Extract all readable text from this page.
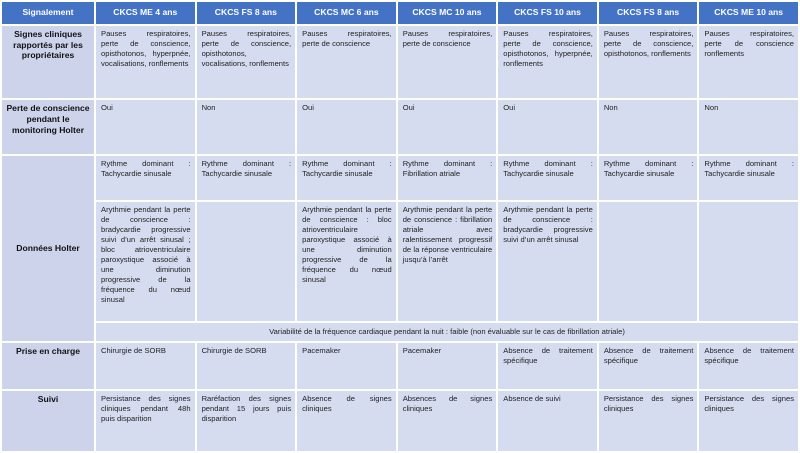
Signalement	CKCS ME 4 ans	CKCS FS 8 ans	CKCS MC 6 ans	CKCS MC 10 ans	CKCS FS 10 ans	CKCS FS 8 ans	CKCS ME 10 ans
Signes cliniques rapportés par les propriétaires	Pauses respiratoires, perte de conscience, opisthotonos, hyperpnée, vocalisations, ronflements	Pauses respiratoires, perte de conscience, opisthotonos, vocalisations, ronflements	Pauses respiratoires, perte de conscience	Pauses respiratoires, perte de conscience	Pauses respiratoires, perte de conscience, opisthotonos, hyperpnée, ronflements	Pauses respiratoires, perte de conscience, opisthotonos, ronflements	Pauses respiratoires, perte de conscience ronflements
Perte de conscience pendant le monitoring Holter	Oui	Non	Oui	Oui	Oui	Non	Non
Données Holter	Rythme dominant : Tachycardie sinusale	Rythme dominant : Tachycardie sinusale	Rythme dominant : Tachycardie sinusale	Rythme dominant : Fibrillation atriale	Rythme dominant : Tachycardie sinusale	Rythme dominant : Tachycardie sinusale	Rythme dominant : Tachycardie sinusale
	Arythmie pendant la perte de conscience : bradycardie progressive suivi d’un arrêt sinusal ; bloc atrioventriculaire paroxystique associé à une diminution progressive de la fréquence du nœud sinusal		Arythmie pendant la perte de conscience : bloc atrioventriculaire paroxystique associé à une diminution progressive de la fréquence du nœud sinusal	Arythmie pendant la perte de conscience : fibrillation atriale avec ralentissement progressif de la réponse ventriculaire jusqu’à l’arrêt	Arythmie pendant la perte de conscience : bradycardie progressive suivi d’un arrêt sinusal		
	Variabilité de la fréquence cardiaque pendant la nuit : faible (non évaluable sur le cas de fibrillation atriale)						
Prise en charge	Chirurgie de SORB	Chirurgie de SORB	Pacemaker	Pacemaker	Absence de traitement spécifique	Absence de traitement spécifique	Absence de traitement spécifique
Suivi	Persistance des signes cliniques pendant 48h puis disparition	Raréfaction des signes pendant 15 jours puis disparition	Absence de signes cliniques	Absences de signes cliniques	Absence de suivi	Persistance des signes cliniques	Persistance des signes cliniques
